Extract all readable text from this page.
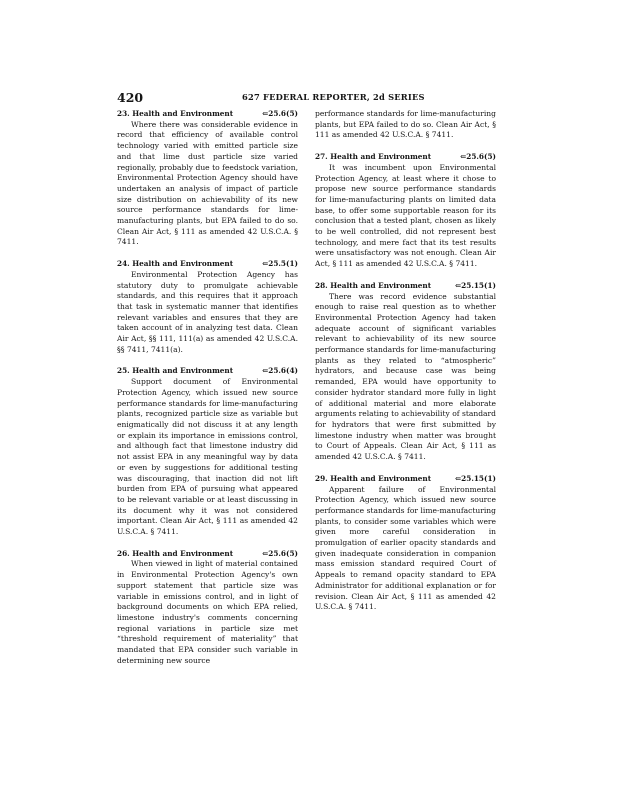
420	627 FEDERAL REPORTER, 2d SERIES
23. Health and Environment	⇐25.6(5)

Where there was considerable evidence in record that efficiency of available control technology varied with emitted particle size and that lime dust particle size varied regionally, probably due to feedstock variation, Environmental Protection Agency should have undertaken an analysis of impact of particle size distribution on achievability of its new source performance standards for lime-manufacturing plants, but EPA failed to do so. Clean Air Act, § 111 as amended 42 U.S.C.A. § 7411.

24. Health and Environment	⇐25.5(1)

Environmental Protection Agency has statutory duty to promulgate achievable standards, and this requires that it approach that task in systematic manner that identifies relevant variables and ensures that they are taken account of in analyzing test data. Clean Air Act, §§ 111, 111(a) as amended 42 U.S.C.A. §§ 7411, 7411(a).

25. Health and Environment	⇐25.6(4)

Support document of Environmental Protection Agency, which issued new source performance standards for lime-manufacturing plants, recognized particle size as variable but enigmatically did not discuss it at any length or explain its importance in emissions control, and although fact that limestone industry did not assist EPA in any meaningful way by data or even by suggestions for additional testing was discouraging, that inaction did not lift burden from EPA of pursuing what appeared to be relevant variable or at least discussing in its document why it was not considered important. Clean Air Act, § 111 as amended 42 U.S.C.A. § 7411.

26. Health and Environment	⇐25.6(5)

When viewed in light of material contained in Environmental Protection Agency's own support statement that particle size was variable in emissions control, and in light of background documents on which EPA relied, limestone industry's comments concerning regional variations in particle size met “threshold requirement of materiality” that mandated that EPA consider such variable in determining new source

performance standards for lime-manufacturing plants, but EPA failed to do so. Clean Air Act, § 111 as amended 42 U.S.C.A. § 7411.

27. Health and Environment	⇐25.6(5)

It was incumbent upon Environmental Protection Agency, at least where it chose to propose new source performance standards for lime-manufacturing plants on limited data base, to offer some supportable reason for its conclusion that a tested plant, chosen as likely to be well controlled, did not represent best technology, and mere fact that its test results were unsatisfactory was not enough. Clean Air Act, § 111 as amended 42 U.S.C.A. § 7411.

28. Health and Environment	⇐25.15(1)

There was record evidence substantial enough to raise real question as to whether Environmental Protection Agency had taken adequate account of significant variables relevant to achievability of its new source performance standards for lime-manufacturing plants as they related to “atmospheric” hydrators, and because case was being remanded, EPA would have opportunity to consider hydrator standard more fully in light of additional material and more elaborate arguments relating to achievability of standard for hydrators that were first submitted by limestone industry when matter was brought to Court of Appeals. Clean Air Act, § 111 as amended 42 U.S.C.A. § 7411.

29. Health and Environment	⇐25.15(1)

Apparent failure of Environmental Protection Agency, which issued new source performance standards for lime-manufacturing plants, to consider some variables which were given more careful consideration in promulgation of earlier opacity standards and given inadequate consideration in companion mass emission standard required Court of Appeals to remand opacity standard to EPA Administrator for additional explanation or for revision. Clean Air Act, § 111 as amended 42 U.S.C.A. § 7411.
